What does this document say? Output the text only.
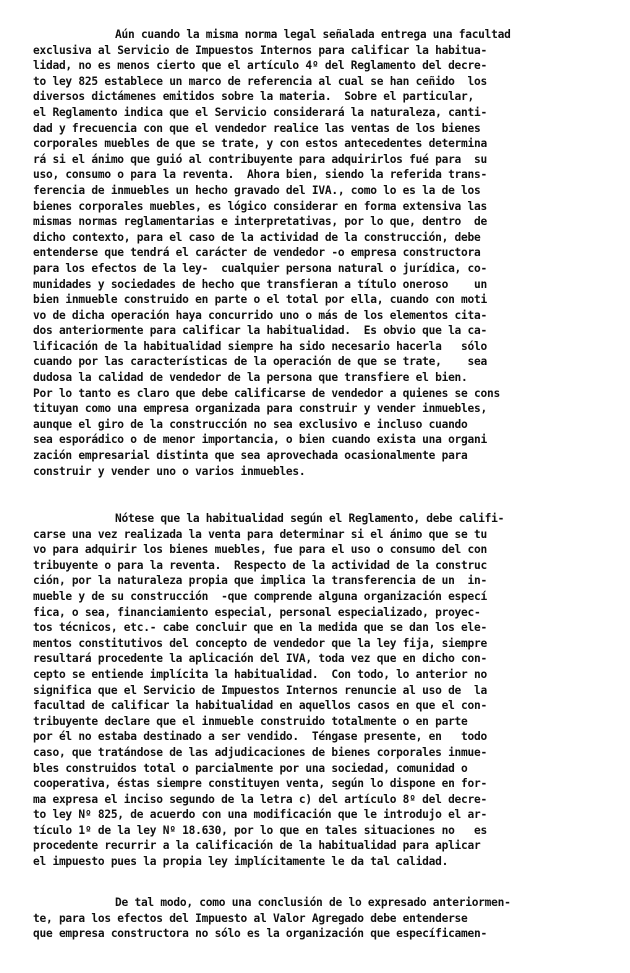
Aún cuando la misma norma legal señalada entrega una facultad
exclusiva al Servicio de Impuestos Internos para calificar la habitua-
lidad, no es menos cierto que el artículo 4º del Reglamento del decre-
to ley 825 establece un marco de referencia al cual se han ceñido  los
diversos dictámenes emitidos sobre la materia.  Sobre el particular,
el Reglamento indica que el Servicio considerará la naturaleza, canti-
dad y frecuencia con que el vendedor realice las ventas de los bienes
corporales muebles de que se trate, y con estos antecedentes determina
rá si el ánimo que guió al contribuyente para adquirirlos fué para  su
uso, consumo o para la reventa.  Ahora bien, siendo la referida trans-
ferencia de inmuebles un hecho gravado del IVA., como lo es la de los
bienes corporales muebles, es lógico considerar en forma extensiva las
mismas normas reglamentarias e interpretativas, por lo que, dentro  de
dicho contexto, para el caso de la actividad de la construcción, debe
entenderse que tendrá el carácter de vendedor -o empresa constructora
para los efectos de la ley-  cualquier persona natural o jurídica, co-
munidades y sociedades de hecho que transfieran a título oneroso    un
bien inmueble construido en parte o el total por ella, cuando con moti
vo de dicha operación haya concurrido uno o más de los elementos cita-
dos anteriormente para calificar la habitualidad.  Es obvio que la ca-
lificación de la habitualidad siempre ha sido necesario hacerla   sólo
cuando por las características de la operación de que se trate,    sea
dudosa la calidad de vendedor de la persona que transfiere el bien.
Por lo tanto es claro que debe calificarse de vendedor a quienes se cons
tituyan como una empresa organizada para construir y vender inmuebles,
aunque el giro de la construcción no sea exclusivo e incluso cuando
sea esporádico o de menor importancia, o bien cuando exista una organi
zación empresarial distinta que sea aprovechada ocasionalmente para
construir y vender uno o varios inmuebles.
Nótese que la habitualidad según el Reglamento, debe califi-
carse una vez realizada la venta para determinar si el ánimo que se tu
vo para adquirir los bienes muebles, fue para el uso o consumo del con
tribuyente o para la reventa.  Respecto de la actividad de la construc
ción, por la naturaleza propia que implica la transferencia de un  in-
mueble y de su construcción  -que comprende alguna organización especí
fica, o sea, financiamiento especial, personal especializado, proyec-
tos técnicos, etc.- cabe concluir que en la medida que se dan los ele-
mentos constitutivos del concepto de vendedor que la ley fija, siempre
resultará procedente la aplicación del IVA, toda vez que en dicho con-
cepto se entiende implícita la habitualidad.  Con todo, lo anterior no
significa que el Servicio de Impuestos Internos renuncie al uso de  la
facultad de calificar la habitualidad en aquellos casos en que el con-
tribuyente declare que el inmueble construido totalmente o en parte
por él no estaba destinado a ser vendido.  Téngase presente, en   todo
caso, que tratándose de las adjudicaciones de bienes corporales inmue-
bles construidos total o parcialmente por una sociedad, comunidad o
cooperativa, éstas siempre constituyen venta, según lo dispone en for-
ma expresa el inciso segundo de la letra c) del artículo 8º del decre-
to ley Nº 825, de acuerdo con una modificación que le introdujo el ar-
tículo 1º de la ley Nº 18.630, por lo que en tales situaciones no   es
procedente recurrir a la calificación de la habitualidad para aplicar
el impuesto pues la propia ley implícitamente le da tal calidad.
De tal modo, como una conclusión de lo expresado anteriormen-
te, para los efectos del Impuesto al Valor Agregado debe entenderse
que empresa constructora no sólo es la organización que específicamen-
